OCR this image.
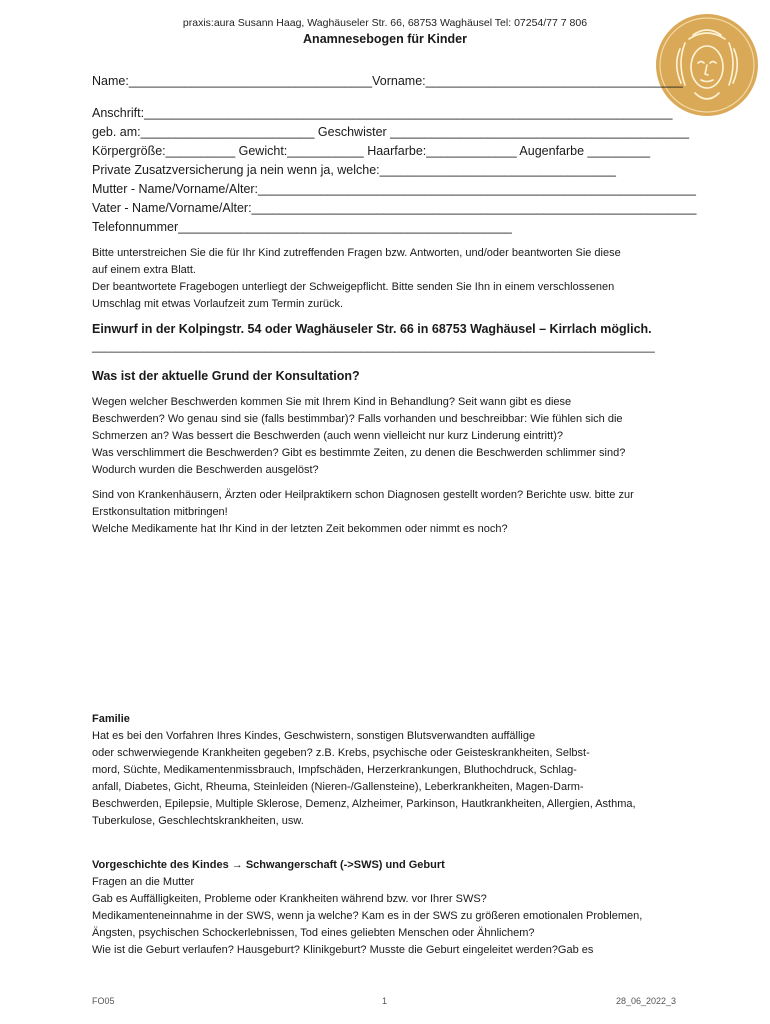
praxis:aura Susann Haag, Waghäuseler Str. 66, 68753 Waghäusel Tel: 07254/77 7 806
Anamnesebogen für Kinder
Name:___________________________________Vorname:_____________________________________
Anschrift:____________________________________________________________________________
geb. am:_________________________ Geschwister ___________________________________________
Körpergröße:__________ Gewicht:___________ Haarfarbe:_____________ Augenfarbe _________
Private Zusatzversicherung ja nein wenn ja, welche:__________________________________
Mutter - Name/Vorname/Alter:_______________________________________________________________
Vater - Name/Vorname/Alter:________________________________________________________________
Telefonnummer________________________________________________
Bitte unterstreichen Sie die für Ihr Kind zutreffenden Fragen bzw. Antworten, und/oder beantworten Sie diese
auf einem extra Blatt.
Der beantwortete Fragebogen unterliegt der Schweigepflicht. Bitte senden Sie Ihn in einem verschlossenen
Umschlag mit etwas Vorlaufzeit zum Termin zurück.
Einwurf in der Kolpingstr. 54 oder Waghäuseler Str. 66 in 68753 Waghäusel – Kirrlach möglich.
________________________________________________________________________________________
Was ist der aktuelle Grund der Konsultation?
Wegen welcher Beschwerden kommen Sie mit Ihrem Kind in Behandlung? Seit wann gibt es diese
Beschwerden? Wo genau sind sie (falls bestimmbar)? Falls vorhanden und beschreibbar: Wie fühlen sich die
Schmerzen an? Was bessert die Beschwerden (auch wenn vielleicht nur kurz Linderung eintritt)?
Was verschlimmert die Beschwerden? Gibt es bestimmte Zeiten, zu denen die Beschwerden schlimmer sind?
Wodurch wurden die Beschwerden ausgelöst?
Sind von Krankenhäusern, Ärzten oder Heilpraktikern schon Diagnosen gestellt worden? Berichte usw. bitte zur
Erstkonsultation mitbringen!
Welche Medikamente hat Ihr Kind in der letzten Zeit bekommen oder nimmt es noch?
Familie
Hat es bei den Vorfahren Ihres Kindes, Geschwistern, sonstigen Blutsverwandten auffällige
oder schwerwiegende Krankheiten gegeben? z.B. Krebs, psychische oder Geisteskrankheiten, Selbst-
mord, Süchte, Medikamentenmissbrauch, Impfschäden, Herzerkrankungen, Bluthochdruck, Schlag-
anfall, Diabetes, Gicht, Rheuma, Steinleiden (Nieren-/Gallensteine), Leberkrankheiten, Magen-Darm-
Beschwerden, Epilepsie, Multiple Sklerose, Demenz, Alzheimer, Parkinson, Hautkrankheiten, Allergien, Asthma,
Tuberkulose, Geschlechtskrankheiten, usw.
Vorgeschichte des Kindes → Schwangerschaft (->SWS) und Geburt
Fragen an die Mutter
Gab es Auffälligkeiten, Probleme oder Krankheiten während bzw. vor Ihrer SWS?
Medikamenteneinnahme in der SWS, wenn ja welche? Kam es in der SWS zu größeren emotionalen Problemen,
Ängsten, psychischen Schockerlebnissen, Tod eines geliebten Menschen oder Ähnlichem?
Wie ist die Geburt verlaufen? Hausgeburt? Klinikgeburt? Musste die Geburt eingeleitet werden?Gab es
FO05	1	28_06_2022_3
